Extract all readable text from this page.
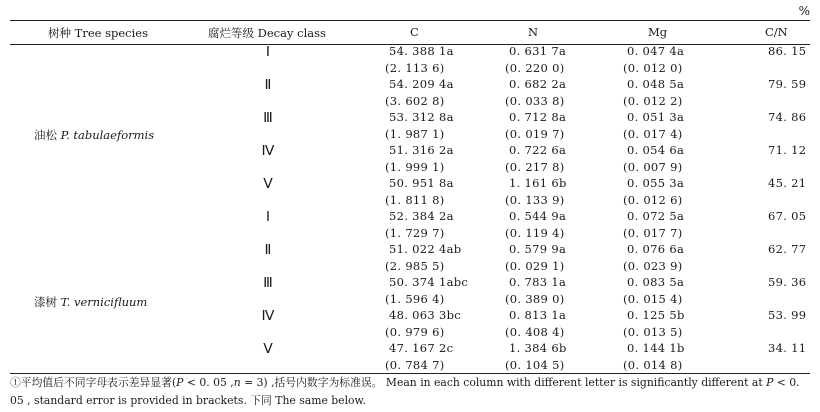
%
树种 Tree species	腐烂等级 Decay class	C	N	Mg	C/N
油松 P. tabulaeformis
Ⅰ	54. 388 1a	0. 631 7a	0. 047 4a	86. 15
(2. 113 6)	(0. 220 0)	(0. 012 0)
Ⅱ	54. 209 4a	0. 682 2a	0. 048 5a	79. 59
(3. 602 8)	(0. 033 8)	(0. 012 2)
Ⅲ	53. 312 8a	0. 712 8a	0. 051 3a	74. 86
(1. 987 1)	(0. 019 7)	(0. 017 4)
Ⅳ	51. 316 2a	0. 722 6a	0. 054 6a	71. 12
(1. 999 1)	(0. 217 8)	(0. 007 9)
Ⅴ	50. 951 8a	1. 161 6b	0. 055 3a	45. 21
(1. 811 8)	(0. 133 9)	(0. 012 6)
漆树 T. vernicifluum
Ⅰ	52. 384 2a	0. 544 9a	0. 072 5a	67. 05
(1. 729 7)	(0. 119 4)	(0. 017 7)
Ⅱ	51. 022 4ab	0. 579 9a	0. 076 6a	62. 77
(2. 985 5)	(0. 029 1)	(0. 023 9)
Ⅲ	50. 374 1abc	0. 783 1a	0. 083 5a	59. 36
(1. 596 4)	(0. 389 0)	(0. 015 4)
Ⅳ	48. 063 3bc	0. 813 1a	0. 125 5b	53. 99
(0. 979 6)	(0. 408 4)	(0. 013 5)
Ⅴ	47. 167 2c	1. 384 6b	0. 144 1b	34. 11
(0. 784 7)	(0. 104 5)	(0. 014 8)
①平均值后不同字母表示差异显著(P < 0. 05 ,n = 3) ,括号内数字为标准误。 Mean in each column with different letter is significantly different at P < 0. 05 , standard error is provided in brackets. 下同 The same below.
